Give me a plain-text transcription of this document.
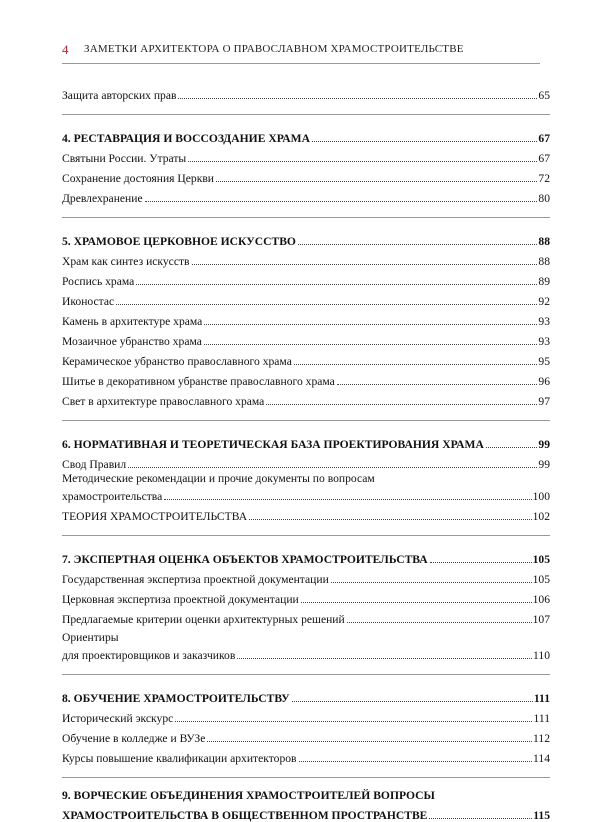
4 ЗАМЕТКИ АРХИТЕКТОРА О ПРАВОСЛАВНОМ ХРАМОСТРОИТЕЛЬСТВЕ
Защита авторских прав	65
4. РЕСТАВРАЦИЯ И ВОССОЗДАНИЕ ХРАМА	67
Святыни России. Утраты	67
Сохранение достояния Церкви	72
Древлехранение	80
5. ХРАМОВОЕ ЦЕРКОВНОЕ ИСКУССТВО	88
Храм как синтез искусств	88
Роспись храма	89
Иконостас	92
Камень в архитектуре храма	93
Мозаичное убранство храма	93
Керамическое убранство православного храма	95
Шитье в декоративном убранстве православного храма	96
Свет в архитектуре православного храма	97
6. НОРМАТИВНАЯ И ТЕОРЕТИЧЕСКАЯ БАЗА ПРОЕКТИРОВАНИЯ ХРАМА	99
Свод Правил	99
Методические рекомендации и прочие документы по вопросам
храмостроительства	100
ТЕОРИЯ ХРАМОСТРОИТЕЛЬСТВА	102
7. ЭКСПЕРТНАЯ ОЦЕНКА ОБЪЕКТОВ ХРАМОСТРОИТЕЛЬСТВА	105
Государственная экспертиза проектной документации	105
Церковная экспертиза проектной документации	106
Предлагаемые критерии оценки архитектурных решений	107
Ориентиры
для проектировщиков и заказчиков	110
8. ОБУЧЕНИЕ ХРАМОСТРОИТЕЛЬСТВУ	111
Исторический экскурс	111
Обучение в колледже и ВУЗе	112
Курсы повышение квалификации архитекторов	114
9. ВОРЧЕСКИЕ ОБЪЕДИНЕНИЯ ХРАМОСТРОИТЕЛЕЙ ВОПРОСЫ
ХРАМОСТРОИТЕЛЬСТВА В ОБЩЕСТВЕННОМ ПРОСТРАНСТВЕ	115
